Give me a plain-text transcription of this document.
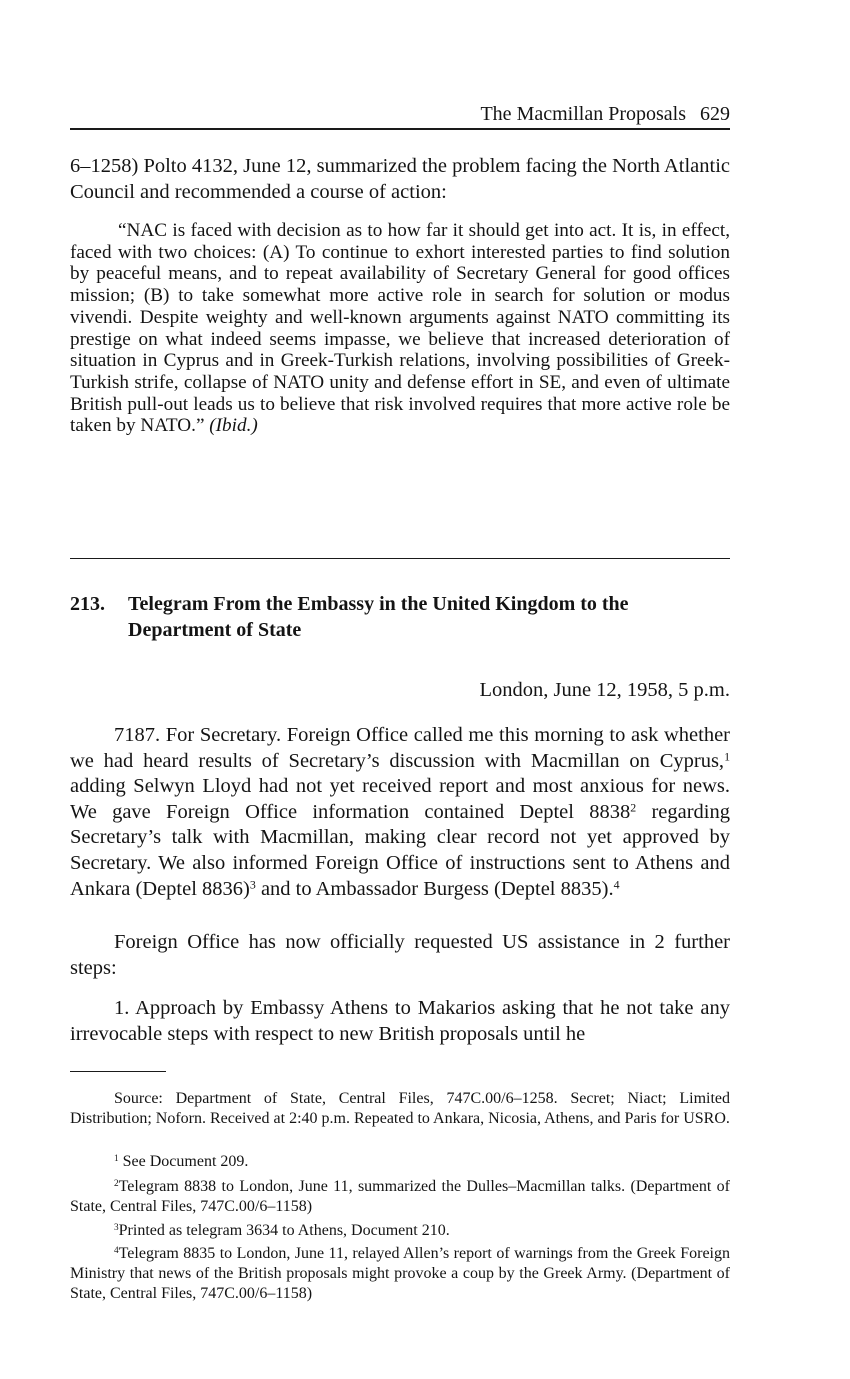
The Macmillan Proposals 629

6–1258) Polto 4132, June 12, summarized the problem facing the North Atlantic Council and recommended a course of action:

“NAC is faced with decision as to how far it should get into act. It is, in effect, faced with two choices: (A) To continue to exhort interested parties to find solution by peaceful means, and to repeat availability of Secretary General for good offices mission; (B) to take somewhat more active role in search for solution or modus vivendi. Despite weighty and well-known arguments against NATO committing its prestige on what indeed seems impasse, we believe that increased deterioration of situation in Cyprus and in Greek-Turkish relations, involving possibilities of Greek-Turkish strife, collapse of NATO unity and defense effort in SE, and even of ultimate British pull-out leads us to believe that risk involved requires that more active role be taken by NATO.” (Ibid.)

213. Telegram From the Embassy in the United Kingdom to the Department of State

London, June 12, 1958, 5 p.m.

7187. For Secretary. Foreign Office called me this morning to ask whether we had heard results of Secretary’s discussion with Macmillan on Cyprus,$^1$ adding Selwyn Lloyd had not yet received report and most anxious for news. We gave Foreign Office information contained Deptel 8838$^2$ regarding Secretary’s talk with Macmillan, making clear record not yet approved by Secretary. We also informed Foreign Office of instructions sent to Athens and Ankara (Deptel 8836)$^3$ and to Ambassador Burgess (Deptel 8835).$^4$

Foreign Office has now officially requested US assistance in 2 further steps:

1. Approach by Embassy Athens to Makarios asking that he not take any irrevocable steps with respect to new British proposals until he

Source: Department of State, Central Files, 747C.00/6–1258. Secret; Niact; Limited Distribution; Noforn. Received at 2:40 p.m. Repeated to Ankara, Nicosia, Athens, and Paris for USRO.

$^1$ See Document 209.

$^2$Telegram 8838 to London, June 11, summarized the Dulles–Macmillan talks. (Department of State, Central Files, 747C.00/6–1158)

$^3$Printed as telegram 3634 to Athens, Document 210.

$^4$Telegram 8835 to London, June 11, relayed Allen’s report of warnings from the Greek Foreign Ministry that news of the British proposals might provoke a coup by the Greek Army. (Department of State, Central Files, 747C.00/6–1158)
